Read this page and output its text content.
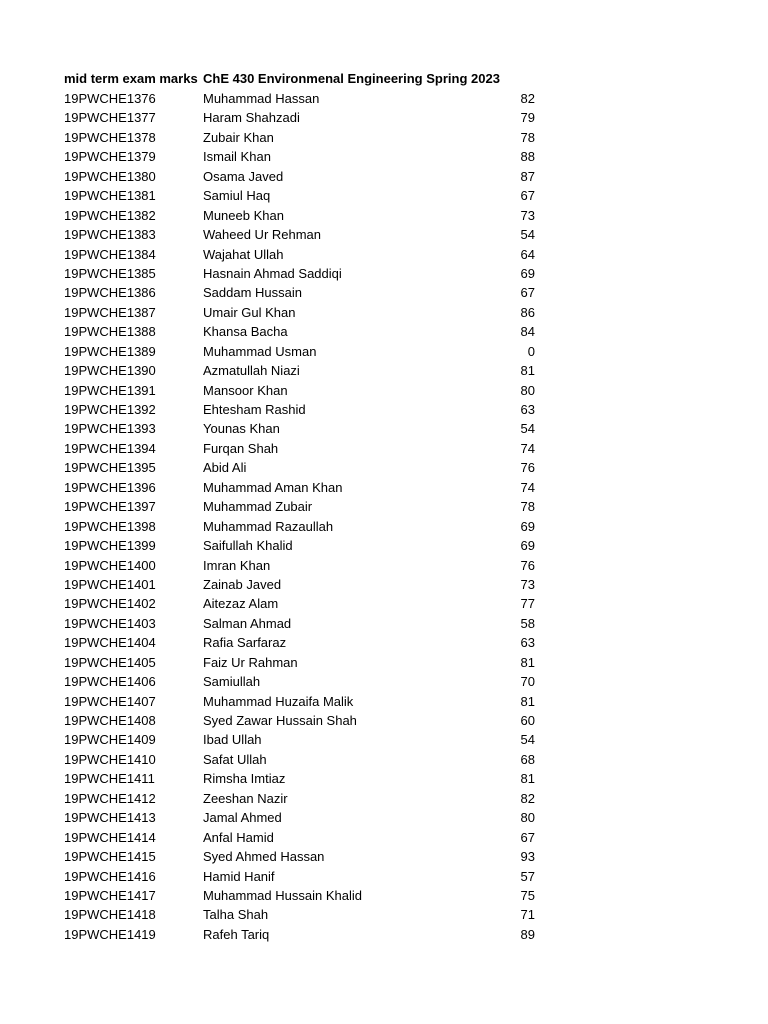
mid term exam marks ChE 430 Environmenal Engineering Spring 2023
19PWCHE1376	Muhammad Hassan	82
19PWCHE1377	Haram Shahzadi	79
19PWCHE1378	Zubair Khan	78
19PWCHE1379	Ismail Khan	88
19PWCHE1380	Osama Javed	87
19PWCHE1381	Samiul Haq	67
19PWCHE1382	Muneeb Khan	73
19PWCHE1383	Waheed Ur Rehman	54
19PWCHE1384	Wajahat Ullah	64
19PWCHE1385	Hasnain Ahmad Saddiqi	69
19PWCHE1386	Saddam Hussain	67
19PWCHE1387	Umair Gul Khan	86
19PWCHE1388	Khansa Bacha	84
19PWCHE1389	Muhammad Usman	0
19PWCHE1390	Azmatullah Niazi	81
19PWCHE1391	Mansoor Khan	80
19PWCHE1392	Ehtesham Rashid	63
19PWCHE1393	Younas Khan	54
19PWCHE1394	Furqan Shah	74
19PWCHE1395	Abid Ali	76
19PWCHE1396	Muhammad Aman Khan	74
19PWCHE1397	Muhammad Zubair	78
19PWCHE1398	Muhammad Razaullah	69
19PWCHE1399	Saifullah Khalid	69
19PWCHE1400	Imran Khan	76
19PWCHE1401	Zainab Javed	73
19PWCHE1402	Aitezaz Alam	77
19PWCHE1403	Salman Ahmad	58
19PWCHE1404	Rafia Sarfaraz	63
19PWCHE1405	Faiz Ur Rahman	81
19PWCHE1406	Samiullah	70
19PWCHE1407	Muhammad Huzaifa Malik	81
19PWCHE1408	Syed Zawar Hussain Shah	60
19PWCHE1409	Ibad Ullah	54
19PWCHE1410	Safat Ullah	68
19PWCHE1411	Rimsha Imtiaz	81
19PWCHE1412	Zeeshan Nazir	82
19PWCHE1413	Jamal Ahmed	80
19PWCHE1414	Anfal Hamid	67
19PWCHE1415	Syed Ahmed Hassan	93
19PWCHE1416	Hamid Hanif	57
19PWCHE1417	Muhammad Hussain Khalid	75
19PWCHE1418	Talha Shah	71
19PWCHE1419	Rafeh Tariq	89
